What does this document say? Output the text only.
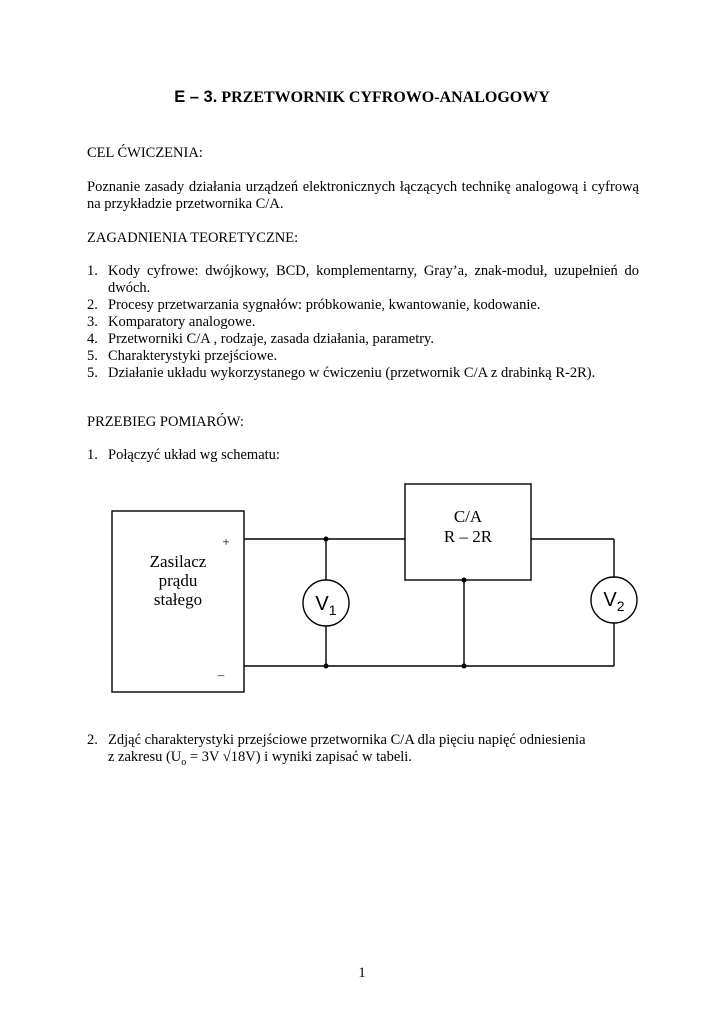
E – 3. PRZETWORNIK CYFROWO-ANALOGOWY
CEL ĆWICZENIA:
Poznanie zasady działania urządzeń elektronicznych łączących technikę analogową i cyfrową na przykładzie przetwornika C/A.
ZAGADNIENIA TEORETYCZNE:
1. Kody cyfrowe: dwójkowy, BCD, komplementarny, Gray’a, znak-moduł, uzupełnień do dwóch.
2. Procesy przetwarzania sygnałów: próbkowanie, kwantowanie, kodowanie.
3. Komparatory analogowe.
4. Przetworniki C/A , rodzaje, zasada działania, parametry.
5. Charakterystyki przejściowe.
5. Działanie układu wykorzystanego w ćwiczeniu (przetwornik C/A z drabinką R-2R).
PRZEBIEG POMIARÓW:
1. Połączyć układ wg schematu:
Zasilacz
prądu
stałego
C/A
R – 2R
+
–
V1	V2
2. Zdjąć charakterystyki przejściowe przetwornika C/A dla pięciu napięć odniesienia
z zakresu ($U_o = 3V$ √18V) i wyniki zapisać w tabeli.
1
